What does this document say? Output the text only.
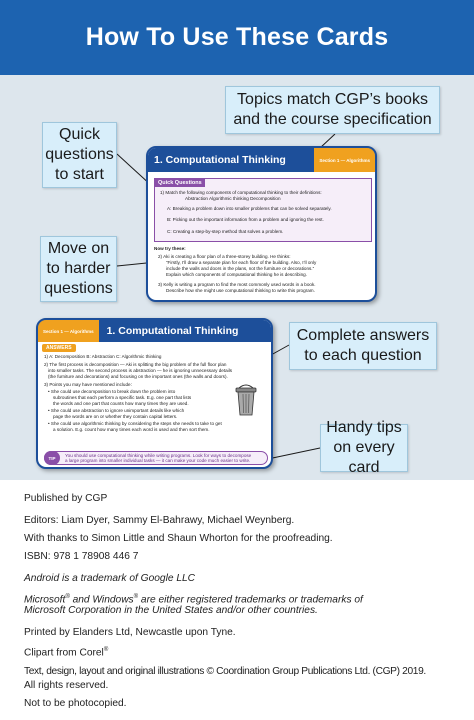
How To Use These Cards
1. Computational Thinking	Section 1 — Algorithms
Quick Questions
1) Match the following components of computational thinking to their definitions:
Abstraction Algorithmic thinking Decomposition
A: Breaking a problem down into smaller problems that can be solved separately.
B: Picking out the important information from a problem and ignoring the rest.
C: Creating a step-by-step method that solves a problem.
Now try these:
2) Aki is creating a floor plan of a three-storey building. He thinks:
“Firstly, I’ll draw a separate plan for each floor of the building. Also, I’ll only
include the walls and doors in the plans, not the furniture or decorations.”
Explain which components of computational thinking he is describing.
3) Kelly is writing a program to find the most commonly used words in a book.
Describe how she might use computational thinking to write this program.
Section 1 — Algorithms	1. Computational Thinking
ANSWERS
1) A: Decomposition B: Abstraction C: Algorithmic thinking
2) The first process is decomposition — Aki is splitting the big problem of the full floor plan
into smaller tasks. The second process is abstraction — he is ignoring unnecessary details
(the furniture and decorations) and focusing on the important ones (the walls and doors).
3) Points you may have mentioned include:
• She could use decomposition to break down the problem into
subroutines that each perform a specific task. E.g. one part that lists
the words and one part that counts how many times they are used.
• She could use abstraction to ignore unimportant details like which
page the words are on or whether they contain capital letters.
• She could use algorithmic thinking by considering the steps she needs to take to get
a solution. E.g. count how many times each word is used and then sort them.
TIP	You should use computational thinking while writing programs. Look for ways to decompose
a large program into smaller individual tasks — it can make your code much easier to write.
Topics match CGP’s books and the course specification
Quick questions to start
Move on to harder questions
Complete answers to each question
Handy tips on every card

Published by CGP

Editors: Liam Dyer, Sammy El-Bahrawy, Michael Weynberg.

With thanks to Simon Little and Shaun Whorton for the proofreading.

ISBN: 978 1 78908 446 7

Android is a trademark of Google LLC

Microsoft® and Windows® are either registered trademarks or trademarks of

Microsoft Corporation in the United States and/or other countries.

Printed by Elanders Ltd, Newcastle upon Tyne.

Clipart from Corel®

Text, design, layout and original illustrations © Coordination Group Publications Ltd. (CGP) 2019.

All rights reserved.

Not to be photocopied.
